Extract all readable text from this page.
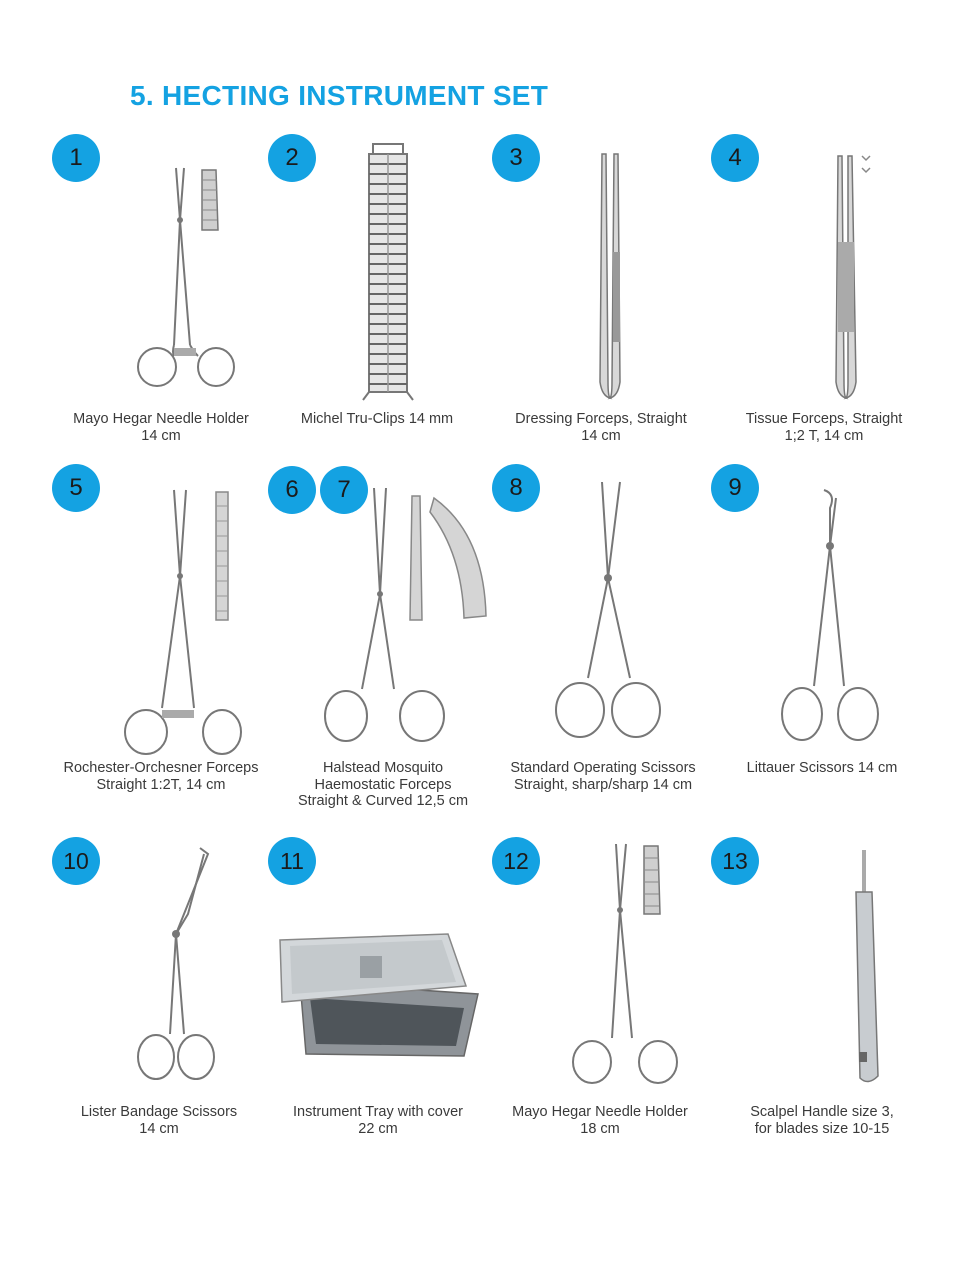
5. HECTING INSTRUMENT SET
1	2	3	4
5	6	7	8	9
10	11	12	13
Mayo Hegar Needle Holder
14 cm
Michel Tru-Clips 14 mm	Dressing Forceps, Straight
14 cm
Tissue Forceps, Straight
1;2 T, 14 cm
Rochester-Orchesner Forceps
Straight 1:2T, 14 cm
Halstead Mosquito
Haemostatic Forceps
Straight & Curved 12,5 cm
Standard Operating Scissors
Straight, sharp/sharp 14 cm
Littauer Scissors 14 cm
Lister Bandage Scissors
14 cm
Instrument Tray with cover
22 cm
Mayo Hegar Needle Holder
18 cm
Scalpel Handle size 3,
for blades size 10-15
